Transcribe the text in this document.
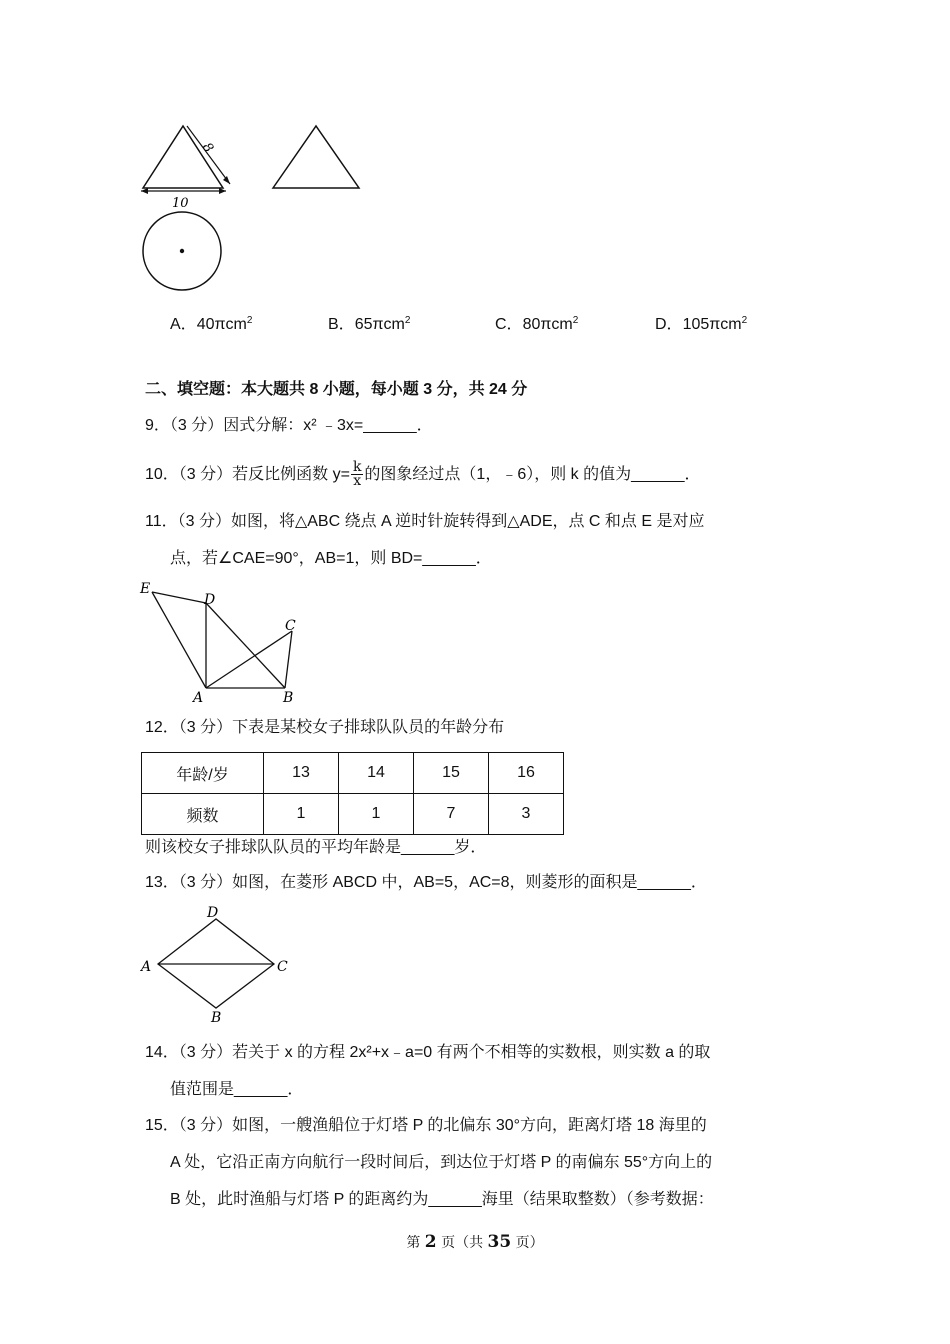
8
10
A．40πcm$^2$	B．65πcm$^2$	C．80πcm$^2$	D．105πcm$^2$
二、填空题：本大题共 8 小题，每小题 3 分，共 24 分
9．（3 分）因式分解：x² ﹣3x=______．
10．（3 分）若反比例函数 $y= \frac{k}{x}$ 的图象经过点（1，﹣6），则 k 的值为______．
11．（3 分）如图，将△ABC 绕点 A 逆时针旋转得到△ADE，点 C 和点 E 是对应
点，若∠CAE=90°，AB=1，则 BD=______．
E
D
C
A	B
12．（3 分）下表是某校女子排球队队员的年龄分布
年龄/岁	13	14	15	16
频数	1	1	7	3
则该校女子排球队队员的平均年龄是______岁．
13．（3 分）如图，在菱形 ABCD 中，AB=5，AC=8，则菱形的面积是______．
D
A	C
B
14．（3 分）若关于 x 的方程 2x²+x﹣a=0 有两个不相等的实数根，则实数 a 的取
值范围是______．
15．（3 分）如图，一艘渔船位于灯塔 P 的北偏东 30°方向，距离灯塔 18 海里的
A 处，它沿正南方向航行一段时间后，到达位于灯塔 P 的南偏东 55°方向上的
B 处，此时渔船与灯塔 P 的距离约为______海里（结果取整数）（参考数据：
第 2 页（共 35 页）
